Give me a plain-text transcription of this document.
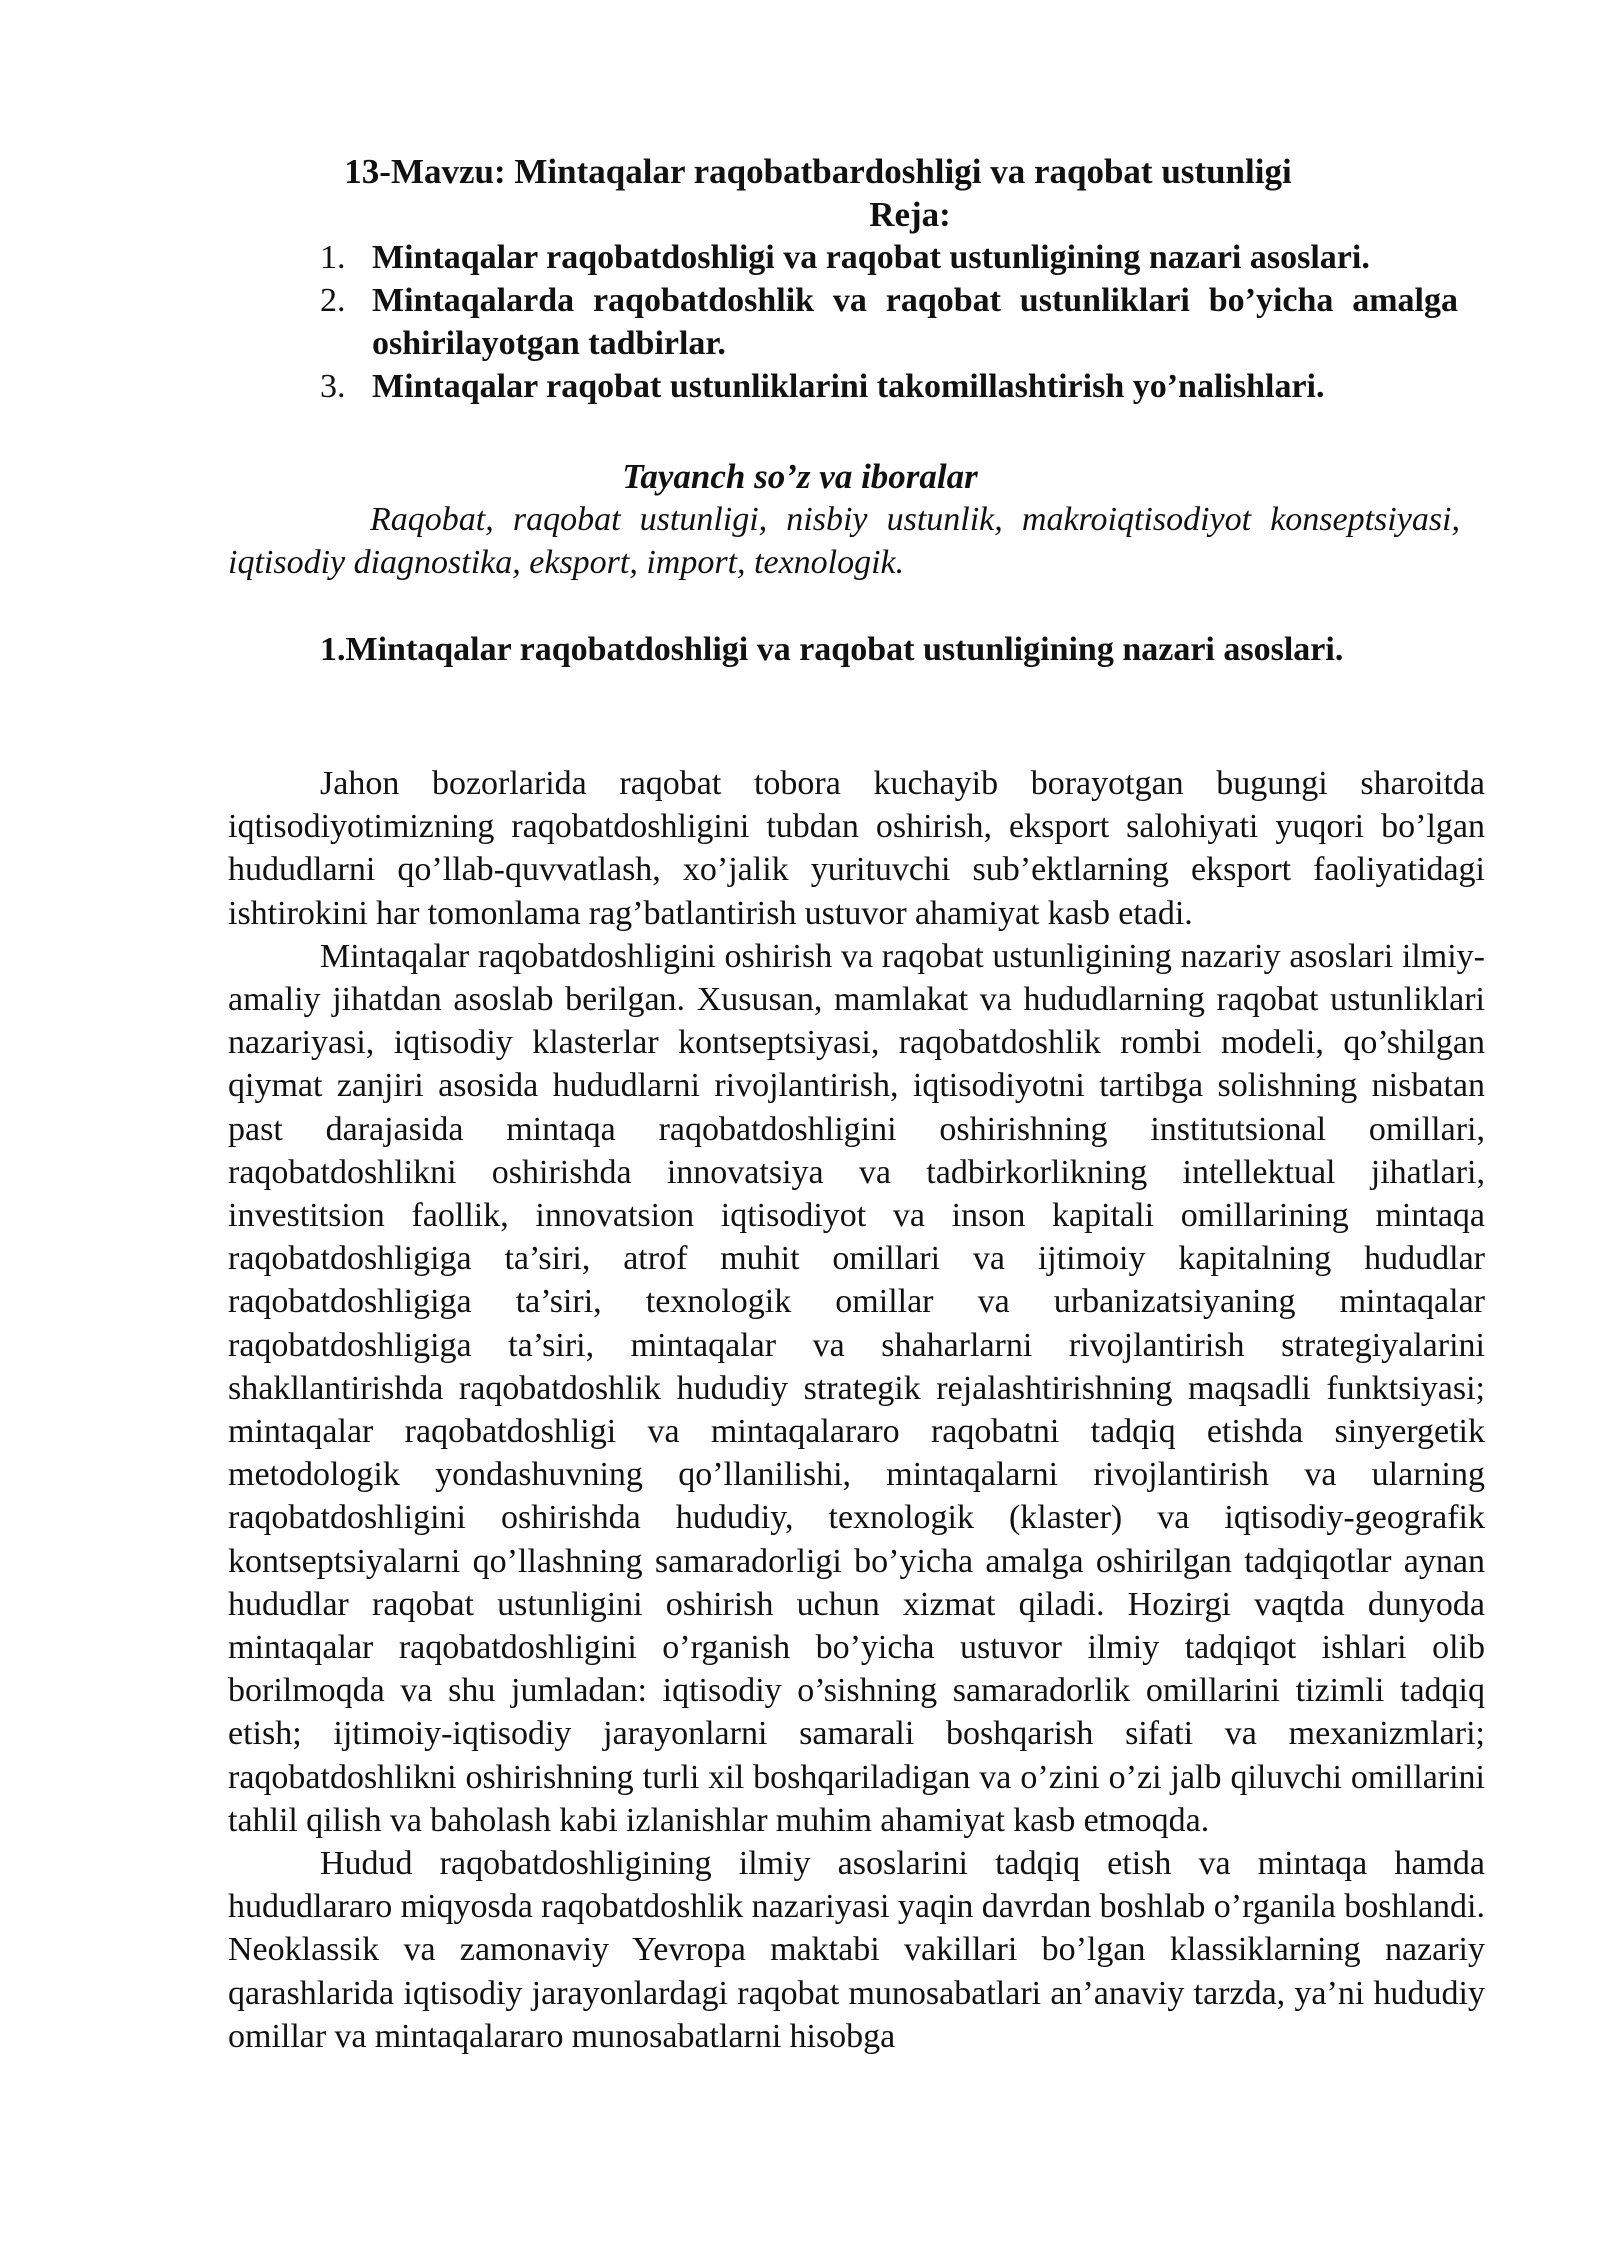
13-Mavzu: Mintaqalar raqobatbardoshligi va raqobat ustunligi
Reja:
1. Mintaqalar raqobatdoshligi va raqobat ustunligining nazari asoslari.
2. Mintaqalarda raqobatdoshlik va raqobat ustunliklari bo’yicha amalga oshirilayotgan tadbirlar.
3. Mintaqalar raqobat ustunliklarini takomillashtirish yo’nalishlari.
Tayanch so’z va iboralar
Raqobat, raqobat ustunligi, nisbiy ustunlik, makroiqtisodiyot konseptsiyasi, iqtisodiy diagnostika, eksport, import, texnologik.
1.Mintaqalar raqobatdoshligi va raqobat ustunligining nazari asoslari.

Jahon bozorlarida raqobat tobora kuchayib borayotgan bugungi sharoitda iqtisodiyotimizning raqobatdoshligini tubdan oshirish, eksport salohiyati yuqori bo’lgan hududlarni qo’llab-quvvatlash, xo’jalik yurituvchi sub’ektlarning eksport faoliyatidagi ishtirokini har tomonlama rag’batlantirish ustuvor ahamiyat kasb etadi.

Mintaqalar raqobatdoshligini oshirish va raqobat ustunligining nazariy asoslari ilmiy-amaliy jihatdan asoslab berilgan. Xususan, mamlakat va hududlarning raqobat ustunliklari nazariyasi, iqtisodiy klasterlar kontseptsiyasi, raqobatdoshlik rombi modeli, qo’shilgan qiymat zanjiri asosida hududlarni rivojlantirish, iqtisodiyotni tartibga solishning nisbatan past darajasida mintaqa raqobatdoshligini oshirishning institutsional omillari, raqobatdoshlikni oshirishda innovatsiya va tadbirkorlikning intellektual jihatlari, investitsion faollik, innovatsion iqtisodiyot va inson kapitali omillarining mintaqa raqobatdoshligiga ta’siri, atrof muhit omillari va ijtimoiy kapitalning hududlar raqobatdoshligiga ta’siri, texnologik omillar va urbanizatsiyaning mintaqalar raqobatdoshligiga ta’siri, mintaqalar va shaharlarni rivojlantirish strategiyalarini shakllantirishda raqobatdoshlik hududiy strategik rejalashtirishning maqsadli funktsiyasi; mintaqalar raqobatdoshligi va mintaqalararo raqobatni tadqiq etishda sinyergetik metodologik yondashuvning qo’llanilishi, mintaqalarni rivojlantirish va ularning raqobatdoshligini oshirishda hududiy, texnologik (klaster) va iqtisodiy-geografik kontseptsiyalarni qo’llashning samaradorligi bo’yicha amalga oshirilgan tadqiqotlar aynan hududlar raqobat ustunligini oshirish uchun xizmat qiladi. Hozirgi vaqtda dunyoda mintaqalar raqobatdoshligini o’rganish bo’yicha ustuvor ilmiy tadqiqot ishlari olib borilmoqda va shu jumladan: iqtisodiy o’sishning samaradorlik omillarini tizimli tadqiq etish; ijtimoiy-iqtisodiy jarayonlarni samarali boshqarish sifati va mexanizmlari; raqobatdoshlikni oshirishning turli xil boshqariladigan va o’zini o’zi jalb qiluvchi omillarini tahlil qilish va baholash kabi izlanishlar muhim ahamiyat kasb etmoqda.

Hudud raqobatdoshligining ilmiy asoslarini tadqiq etish va mintaqa hamda hududlararo miqyosda raqobatdoshlik nazariyasi yaqin davrdan boshlab o’rganila boshlandi. Neoklassik va zamonaviy Yevropa maktabi vakillari bo’lgan klassiklarning nazariy qarashlarida iqtisodiy jarayonlardagi raqobat munosabatlari an’anaviy tarzda, ya’ni hududiy omillar va mintaqalararo munosabatlarni hisobga
